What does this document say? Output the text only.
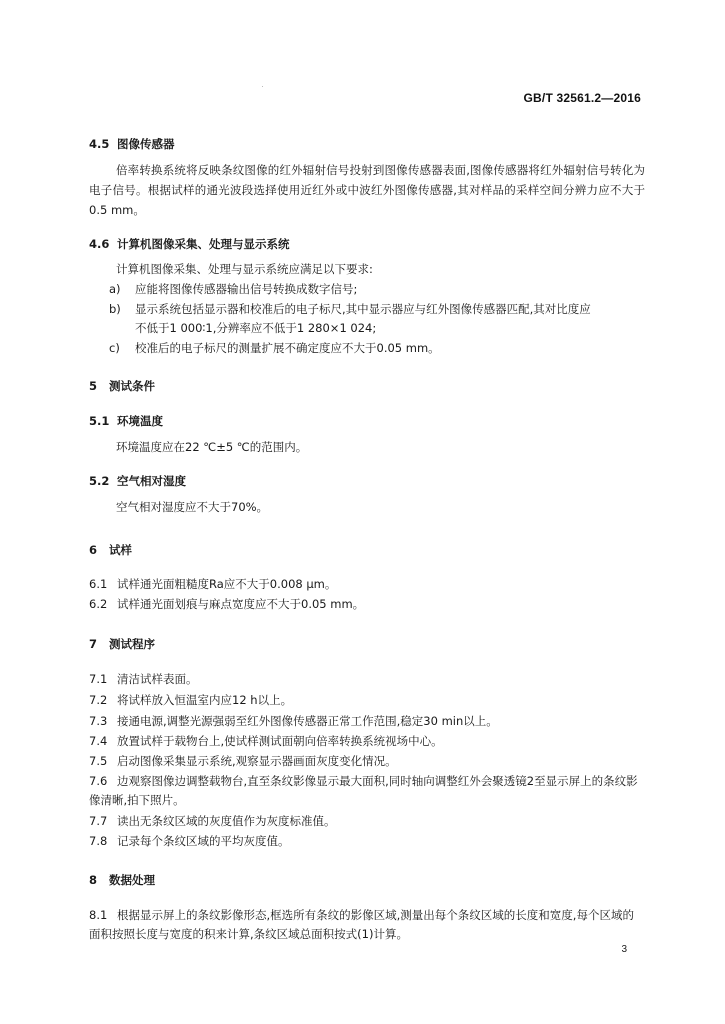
GB/T 32561.2—2016
4.5 图像传感器
倍率转换系统将反映条纹图像的红外辐射信号投射到图像传感器表面,图像传感器将红外辐射信号转化为电子信号。根据试样的通光波段选择使用近红外或中波红外图像传感器,其对样品的采样空间分辨力应不大于0.5 mm。
4.6 计算机图像采集、处理与显示系统
计算机图像采集、处理与显示系统应满足以下要求:
a) 应能将图像传感器输出信号转换成数字信号;
b) 显示系统包括显示器和校准后的电子标尺,其中显示器应与红外图像传感器匹配,其对比度应
不低于1 000∶1,分辨率应不低于1 280×1 024;
c) 校准后的电子标尺的测量扩展不确定度应不大于0.05 mm。
5 测试条件
5.1 环境温度
环境温度应在22 ℃±5 ℃的范围内。
5.2 空气相对湿度
空气相对湿度应不大于70%。
6 试样
6.1 试样通光面粗糙度Ra应不大于0.008 μm。
6.2 试样通光面划痕与麻点宽度应不大于0.05 mm。
7 测试程序
7.1 清洁试样表面。
7.2 将试样放入恒温室内应12 h以上。
7.3 接通电源,调整光源强弱至红外图像传感器正常工作范围,稳定30 min以上。
7.4 放置试样于载物台上,使试样测试面朝向倍率转换系统视场中心。
7.5 启动图像采集显示系统,观察显示器画面灰度变化情况。
7.6 边观察图像边调整载物台,直至条纹影像显示最大面积,同时轴向调整红外会聚透镜2至显示屏上的条纹影像清晰,拍下照片。
7.7 读出无条纹区域的灰度值作为灰度标准值。
7.8 记录每个条纹区域的平均灰度值。
8 数据处理
8.1 根据显示屏上的条纹影像形态,框选所有条纹的影像区域,测量出每个条纹区域的长度和宽度,每个区域的面积按照长度与宽度的积来计算,条纹区域总面积按式(1)计算。
3
